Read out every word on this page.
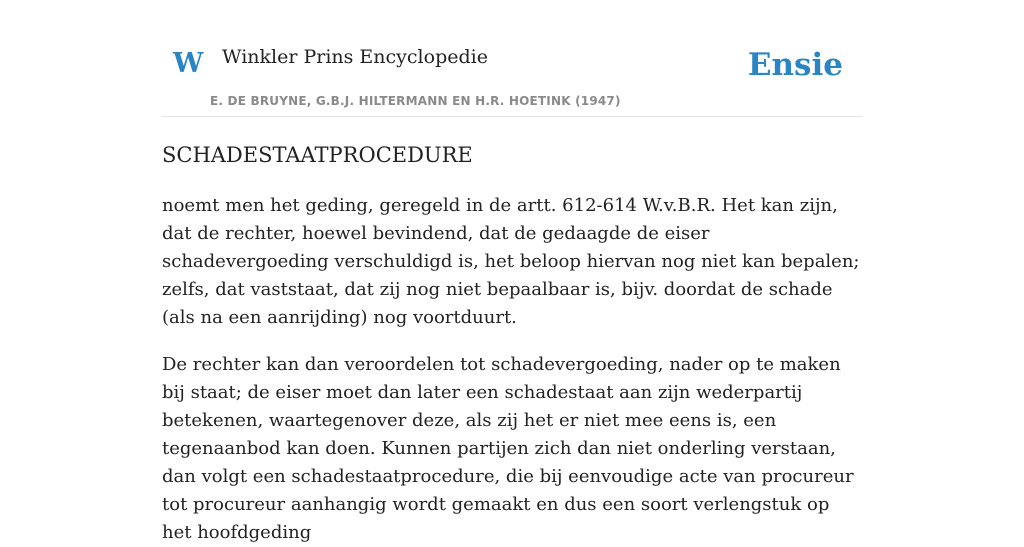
W Winkler Prins Encyclopedie
E. DE BRUYNE, G.B.J. HILTERMANN EN H.R. HOETINK (1947)
Ensie
SCHADESTAATPROCEDURE

noemt men het geding, geregeld in de artt. 612-614 W.v.B.R. Het kan zijn, dat de rechter, hoewel bevindend, dat de gedaagde de eiser schadevergoeding verschuldigd is, het beloop hiervan nog niet kan bepalen; zelfs, dat vaststaat, dat zij nog niet bepaalbaar is, bijv. doordat de schade (als na een aanrijding) nog voortduurt.

De rechter kan dan veroordelen tot schadevergoeding, nader op te maken bij staat; de eiser moet dan later een schadestaat aan zijn wederpartij betekenen, waartegenover deze, als zij het er niet mee eens is, een tegenaanbod kan doen. Kunnen partijen zich dan niet onderling verstaan, dan volgt een schadestaatprocedure, die bij eenvoudige acte van procureur tot procureur aanhangig wordt gemaakt en dus een soort verlengstuk op het hoofdgeding
